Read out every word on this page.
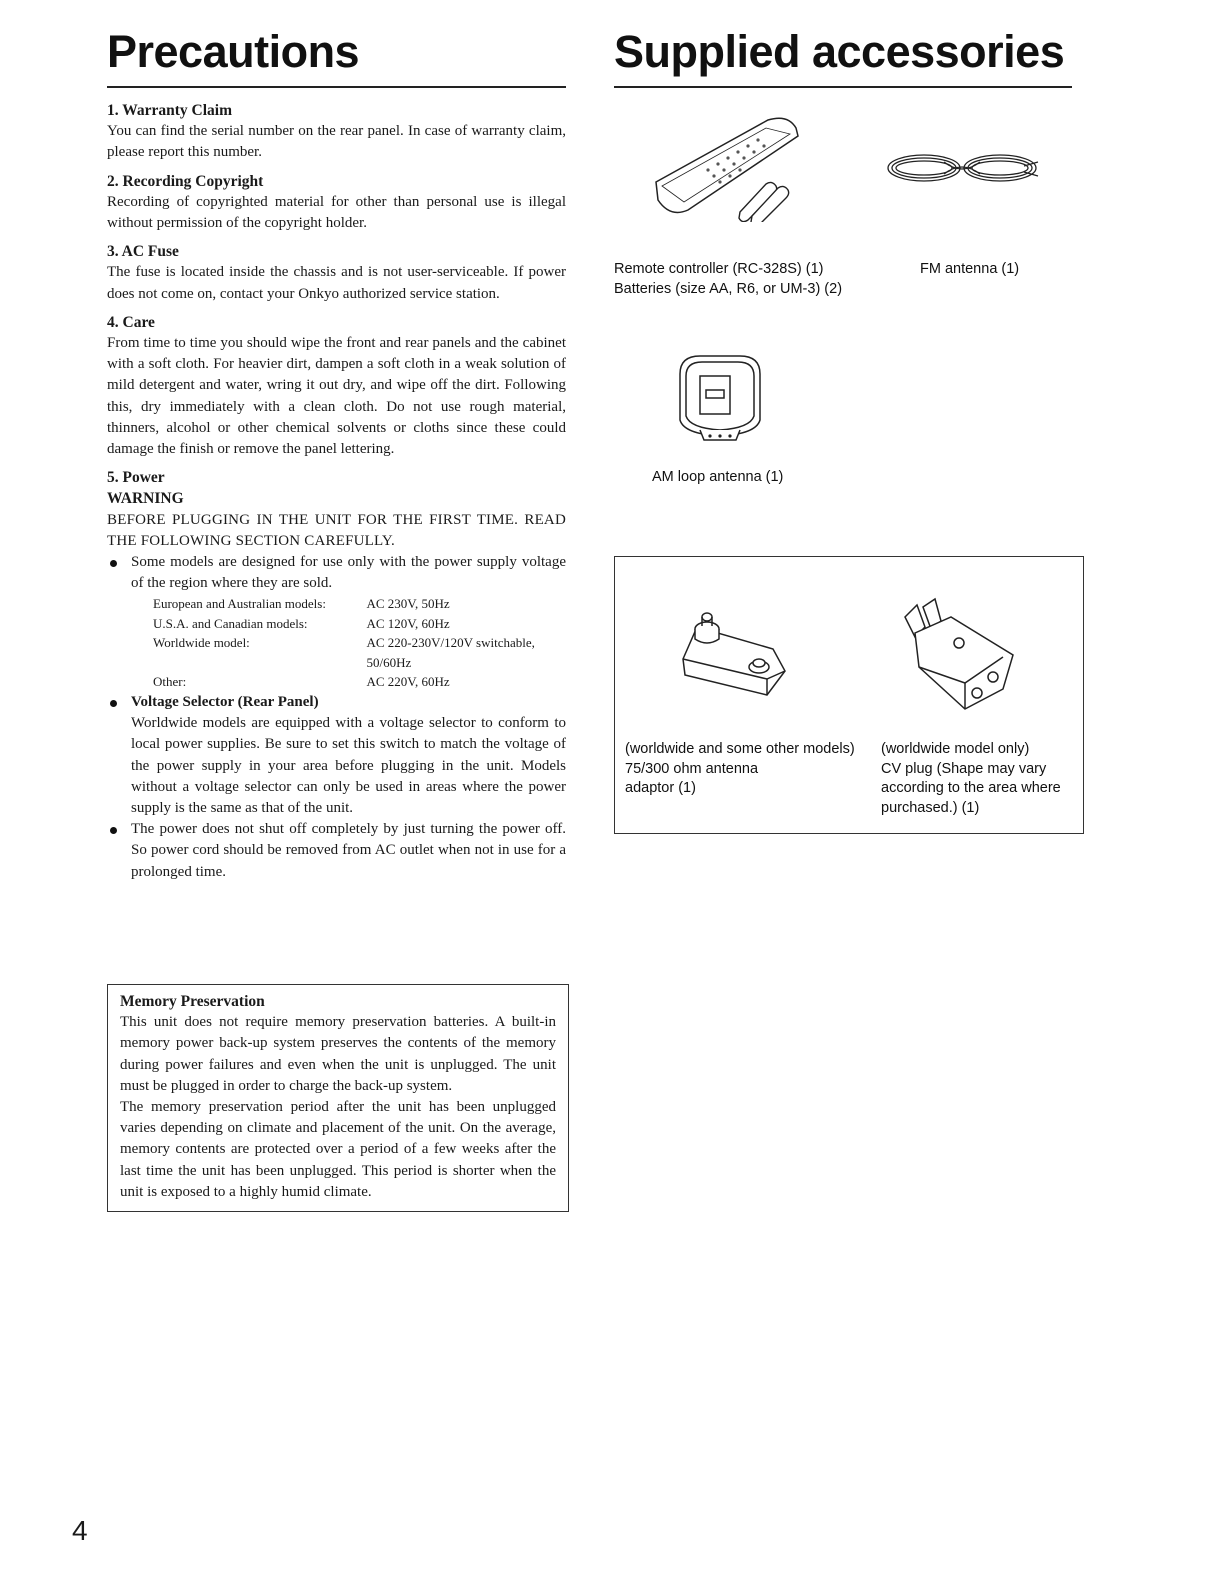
Precautions	Supplied accessories
1. Warranty Claim
You can find the serial number on the rear panel. In case of warranty claim, please report this number.
2. Recording Copyright
Recording of copyrighted material for other than personal use is illegal without permission of the copyright holder.
3. AC Fuse
The fuse is located inside the chassis and is not user-serviceable. If power does not come on, contact your Onkyo authorized service station.
4. Care
From time to time you should wipe the front and rear panels and the cabinet with a soft cloth. For heavier dirt, dampen a soft cloth in a weak solution of mild detergent and water, wring it out dry, and wipe off the dirt. Following this, dry immediately with a clean cloth. Do not use rough material, thinners, alcohol or other chemical solvents or cloths since these could damage the finish or remove the panel lettering.
5. Power
WARNING
BEFORE PLUGGING IN THE UNIT FOR THE FIRST TIME. READ THE FOLLOWING SECTION CAREFULLY.
Some models are designed for use only with the power supply voltage of the region where they are sold.
European and Australian models:	AC 230V, 50Hz
U.S.A. and Canadian models:	AC 120V, 60Hz
Worldwide model:	AC 220-230V/120V switchable, 50/60Hz
Other:	AC 220V, 60Hz
Voltage Selector (Rear Panel)
Worldwide models are equipped with a voltage selector to conform to local power supplies. Be sure to set this switch to match the voltage of the power supply in your area before plugging in the unit. Models without a voltage selector can only be used in areas where the power supply is the same as that of the unit.
The power does not shut off completely by just turning the power off. So power cord should be removed from AC outlet when not in use for a prolonged time.
Memory Preservation
This unit does not require memory preservation batteries. A built-in memory power back-up system preserves the contents of the memory during power failures and even when the unit is unplugged. The unit must be plugged in order to charge the back-up system.
The memory preservation period after the unit has been unplugged varies depending on climate and placement of the unit. On the average, memory contents are protected over a period of a few weeks after the last time the unit has been unplugged. This period is shorter when the unit is exposed to a highly humid climate.
Remote controller (RC-328S) (1)
Batteries (size AA, R6, or UM-3) (2)
FM antenna (1)
AM loop antenna (1)
(worldwide and some other models)
75/300 ohm antenna
adaptor (1)
(worldwide model only)
CV plug (Shape may vary
according to the area where
purchased.) (1)
4
